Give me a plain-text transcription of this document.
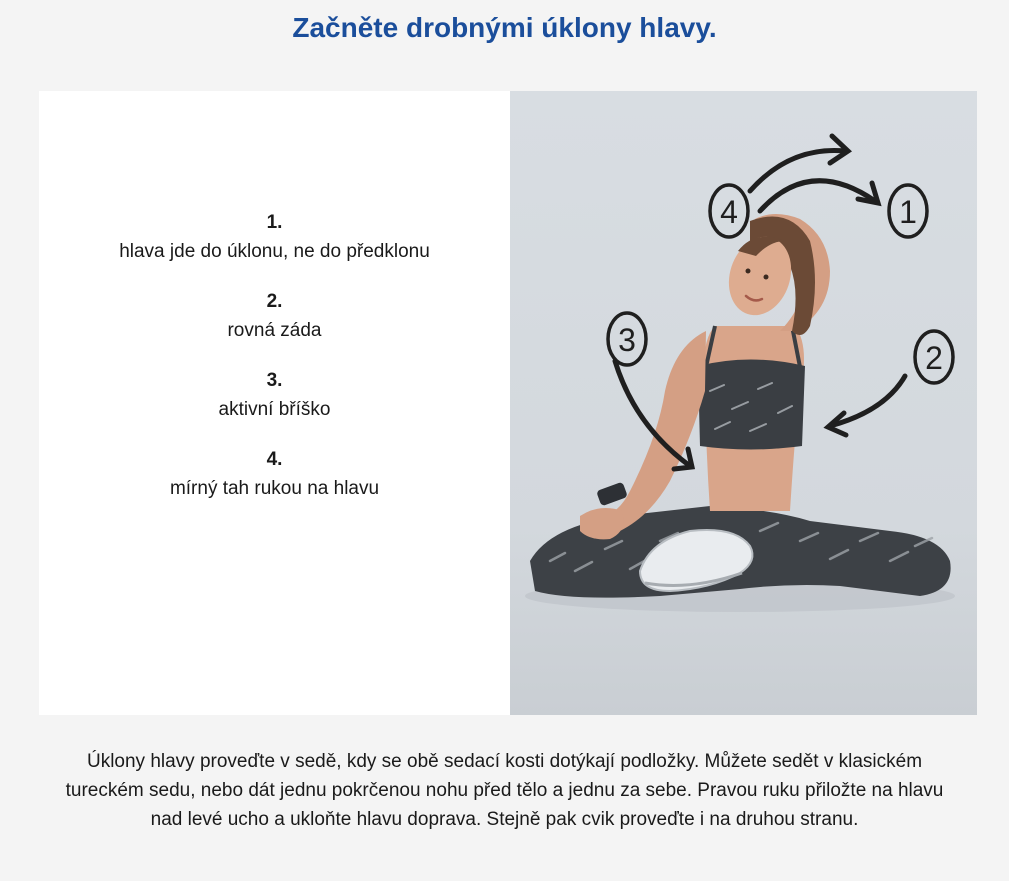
Začněte drobnými úklony hlavy.
1.
hlava jde do úklonu, ne do předklonu
2.
rovná záda
3.
aktivní bříško
4.
mírný tah rukou na hlavu
4	1
3	2

Úklony hlavy proveďte v sedě, kdy se obě sedací kosti dotýkají podložky. Můžete sedět v klasickém tureckém sedu, nebo dát jednu pokrčenou nohu před tělo a jednu za sebe. Pravou ruku přiložte na hlavu nad levé ucho a ukloňte hlavu doprava. Stejně pak cvik proveďte i na druhou stranu.
